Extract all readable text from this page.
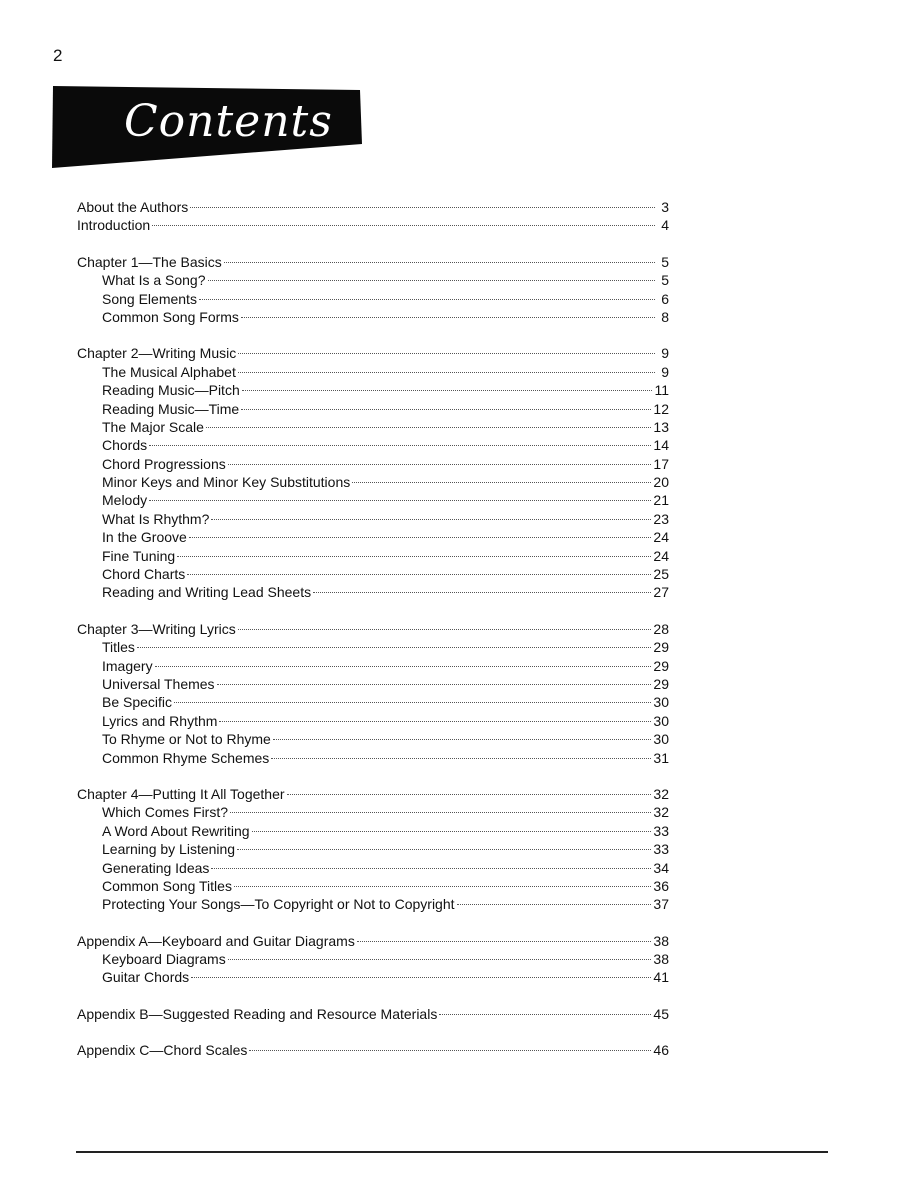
2
Contents
About the Authors	3
Introduction	4
Chapter 1—The Basics	5
What Is a Song?	5
Song Elements	6
Common Song Forms	8
Chapter 2—Writing Music	9
The Musical Alphabet	9
Reading Music—Pitch	11
Reading Music—Time	12
The Major Scale	13
Chords	14
Chord Progressions	17
Minor Keys and Minor Key Substitutions	20
Melody	21
What Is Rhythm?	23
In the Groove	24
Fine Tuning	24
Chord Charts	25
Reading and Writing Lead Sheets	27
Chapter 3—Writing Lyrics	28
Titles	29
Imagery	29
Universal Themes	29
Be Specific	30
Lyrics and Rhythm	30
To Rhyme or Not to Rhyme	30
Common Rhyme Schemes	31
Chapter 4—Putting It All Together	32
Which Comes First?	32
A Word About Rewriting	33
Learning by Listening	33
Generating Ideas	34
Common Song Titles	36
Protecting Your Songs—To Copyright or Not to Copyright	37
Appendix A—Keyboard and Guitar Diagrams	38
Keyboard Diagrams	38
Guitar Chords	41
Appendix B—Suggested Reading and Resource Materials	45
Appendix C—Chord Scales	46
